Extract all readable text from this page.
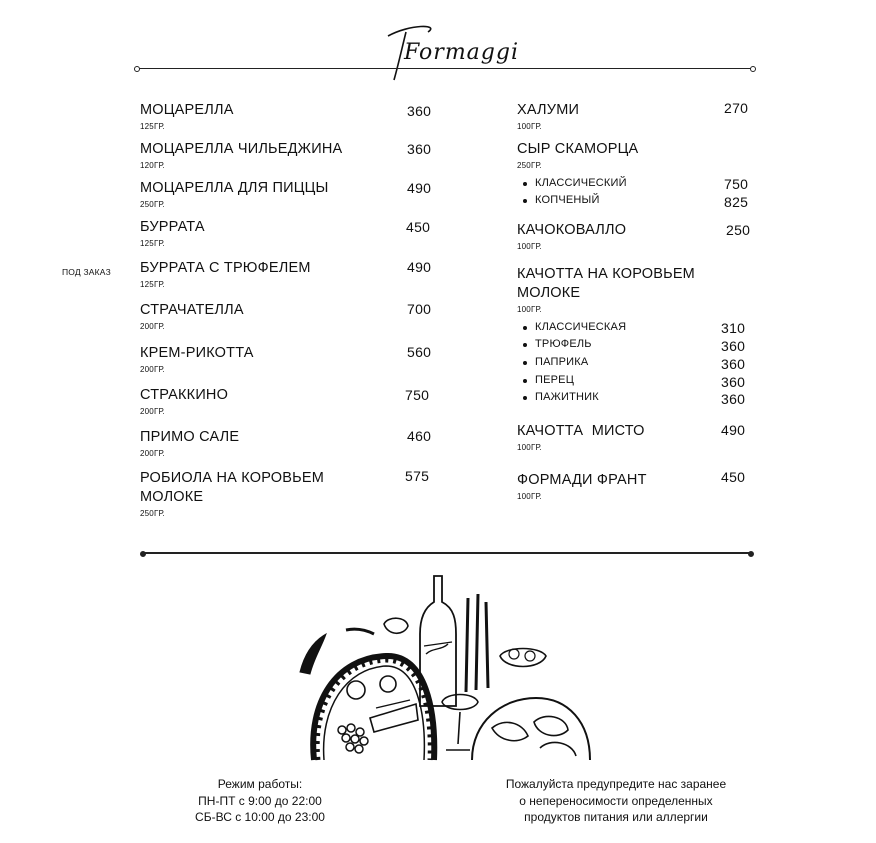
Formaggi
ПОД ЗАКАЗ
МОЦАРЕЛЛА
125ГР.
360
МОЦАРЕЛЛА ЧИЛЬЕДЖИНА
120ГР.
360
МОЦАРЕЛЛА ДЛЯ ПИЦЦЫ
250ГР.
490
БУРРАТА
125ГР.
450
БУРРАТА С ТРЮФЕЛЕМ
125ГР.
490
СТРАЧАТЕЛЛА
200ГР.
700
КРЕМ-РИКОТТА
200ГР.
560
СТРАККИНО
200ГР.
750
ПРИМО САЛЕ
200ГР.
460
РОБИОЛА НА КОРОВЬЕМ
МОЛОКЕ
250ГР.
575
ХАЛУМИ
100ГР.
270
СЫР СКАМОРЦА
250ГР.
КЛАССИЧЕСКИЙ	750
КОПЧЕНЫЙ	825
КАЧОКОВАЛЛО
100ГР.
250
КАЧОТТА НА КОРОВЬЕМ
МОЛОКЕ
100ГР.
КЛАССИЧЕСКАЯ	310
ТРЮФЕЛЬ	360
ПАПРИКА	360
ПЕРЕЦ	360
ПАЖИТНИК	360
КАЧОТТА  МИСТО
100ГР.
490
ФОРМАДИ ФРАНТ
100ГР.
450
Режим работы:
ПН-ПТ с 9:00 до 22:00
СБ-ВС с 10:00 до 23:00
Пожалуйста предупредите нас заранее
о непереносимости определенных
продуктов питания или аллергии
